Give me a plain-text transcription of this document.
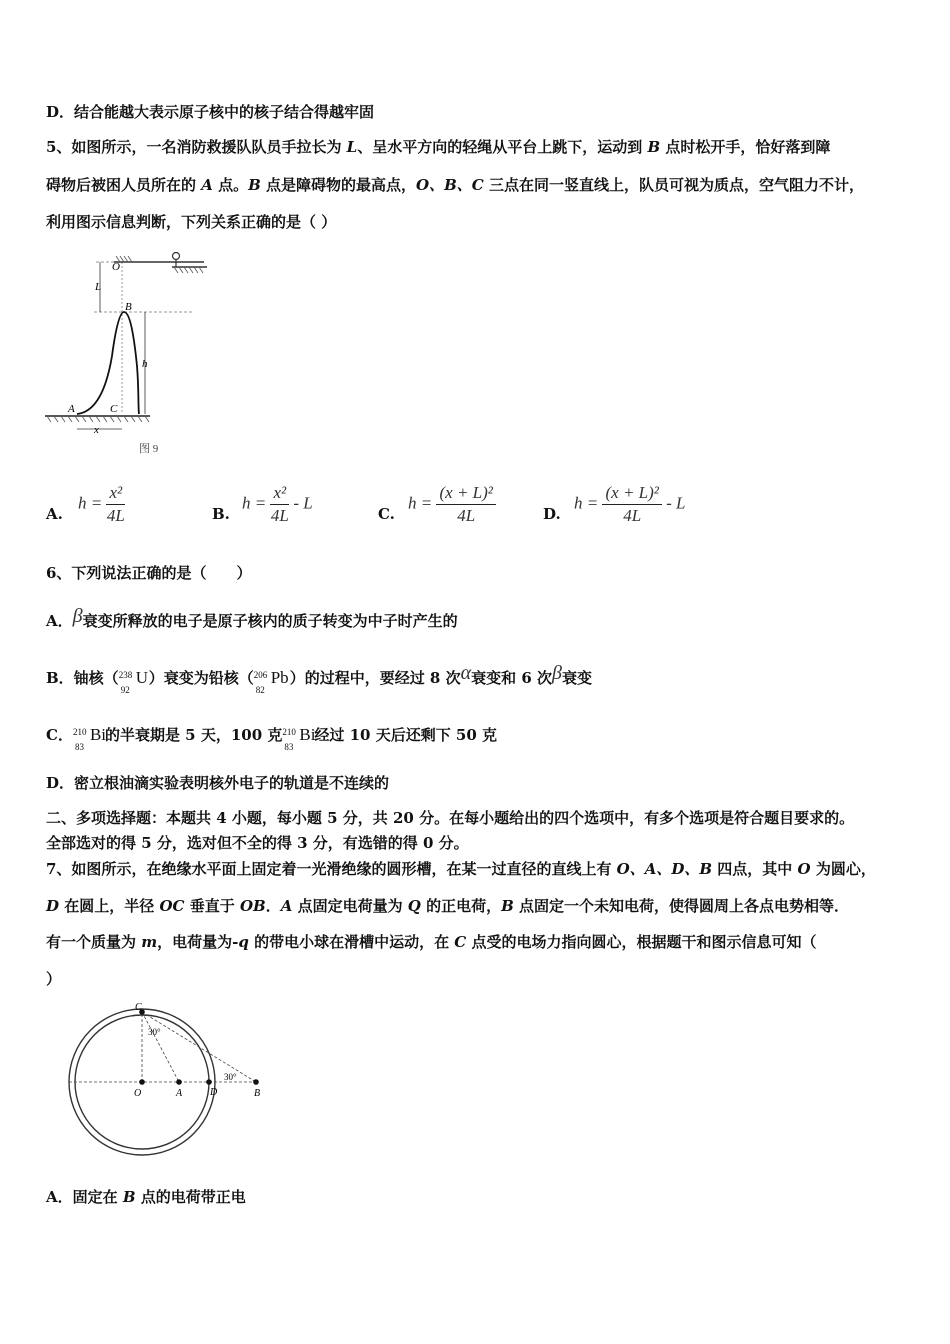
D．结合能越大表示原子核中的核子结合得越牢固
5、如图所示，一名消防救援队队员手拉长为 L、呈水平方向的轻绳从平台上跳下，运动到 B 点时松开手，恰好落到障
碍物后被困人员所在的 A 点。B 点是障碍物的最高点，O、B、C 三点在同一竖直线上，队员可视为质点，空气阻力不计，
利用图示信息判断，下列关系正确的是（ ）
O
L
B
h
A	C
x
图 9
A.
$h = \frac{\text{x²}}{4L}$	B.
$h = \frac{\text{x²}}{4L} - L$
C.
$h = \frac{\text{(x + L)²}}{4L}$	D.
$h = \frac{\text{(x + L)²}}{4L} - L$
6、下列说法正确的是（　　）
A．β衰变所释放的电子是原子核内的质子转变为中子时产生的
B．铀核（ 238
92
U ）衰变为铅核（ 206
82
Pb ）的过程中，要经过 8 次α衰变和 6 次β衰变
C． 210
83
Bi
的半衰期是 5 天，100 克 210
83
Bi
经过 10 天后还剩下 50 克
D．密立根油滴实验表明核外电子的轨道是不连续的
二、多项选择题：本题共 4 小题，每小题 5 分，共 20 分。在每小题给出的四个选项中，有多个选项是符合题目要求的。
全部选对的得 5 分，选对但不全的得 3 分，有选错的得 0 分。
7、如图所示，在绝缘水平面上固定着一光滑绝缘的圆形槽，在某一过直径的直线上有 O、A、D、B 四点，其中 O 为圆心，
D 在圆上，半径 OC 垂直于 OB．A 点固定电荷量为 Q 的正电荷，B 点固定一个未知电荷，使得圆周上各点电势相等．
有一个质量为 m，电荷量为-q 的带电小球在滑槽中运动，在 C 点受的电场力指向圆心，根据题干和图示信息可知（
）
C
O	A	D	B
30°
30°
A．固定在 B 点的电荷带正电
